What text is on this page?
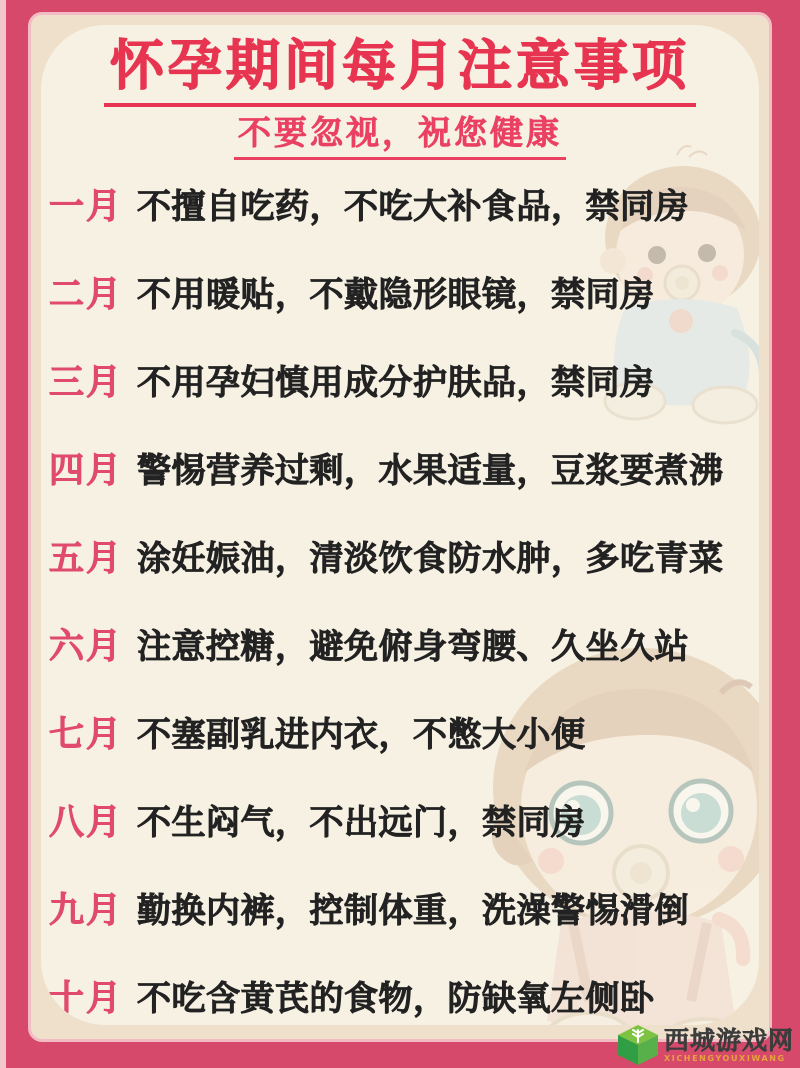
怀孕期间每月注意事项
不要忽视，祝您健康
一月 不擅自吃药，不吃大补食品，禁同房
二月 不用暖贴，不戴隐形眼镜，禁同房
三月 不用孕妇慎用成分护肤品，禁同房
四月 警惕营养过剩，水果适量，豆浆要煮沸
五月 涂妊娠油，清淡饮食防水肿，多吃青菜
六月 注意控糖，避免俯身弯腰、久坐久站
七月 不塞副乳进内衣，不憋大小便
八月 不生闷气，不出远门，禁同房
九月 勤换内裤，控制体重，洗澡警惕滑倒
十月 不吃含黄芪的食物，防缺氧左侧卧
西城游戏网
XICHENGYOUXIWANG
